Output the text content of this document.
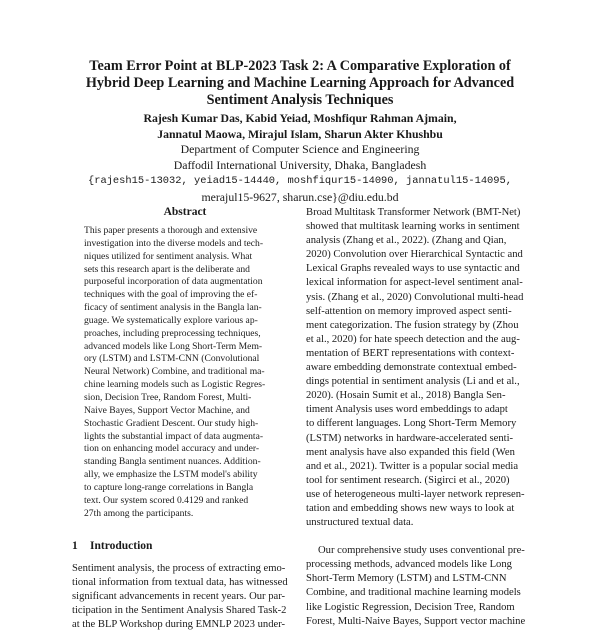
Team Error Point at BLP-2023 Task 2: A Comparative Exploration of
Hybrid Deep Learning and Machine Learning Approach for Advanced
Sentiment Analysis Techniques
Rajesh Kumar Das, Kabid Yeiad, Moshfiqur Rahman Ajmain,
Jannatul Maowa, Mirajul Islam, Sharun Akter Khushbu
Department of Computer Science and Engineering
Daffodil International University, Dhaka, Bangladesh
{rajesh15-13032, yeiad15-14440, moshfiqur15-14090, jannatul15-14095,
merajul15-9627, sharun.cse}@diu.edu.bd
Abstract
This paper presents a thorough and extensive
investigation into the diverse models and tech-
niques utilized for sentiment analysis. What
sets this research apart is the deliberate and
purposeful incorporation of data augmentation
techniques with the goal of improving the ef-
ficacy of sentiment analysis in the Bangla lan-
guage. We systematically explore various ap-
proaches, including preprocessing techniques,
advanced models like Long Short-Term Mem-
ory (LSTM) and LSTM-CNN (Convolutional
Neural Network) Combine, and traditional ma-
chine learning models such as Logistic Regres-
sion, Decision Tree, Random Forest, Multi-
Naive Bayes, Support Vector Machine, and
Stochastic Gradient Descent. Our study high-
lights the substantial impact of data augmenta-
tion on enhancing model accuracy and under-
standing Bangla sentiment nuances. Addition-
ally, we emphasize the LSTM model's ability
to capture long-range correlations in Bangla
text. Our system scored 0.4129 and ranked
27th among the participants.
1 Introduction
Sentiment analysis, the process of extracting emo-
tional information from textual data, has witnessed
significant advancements in recent years. Our par-
ticipation in the Sentiment Analysis Shared Task-2
at the BLP Workshop during EMNLP 2023 under-
Broad Multitask Transformer Network (BMT-Net)
showed that multitask learning works in sentiment
analysis (Zhang et al., 2022). (Zhang and Qian,
2020) Convolution over Hierarchical Syntactic and
Lexical Graphs revealed ways to use syntactic and
lexical information for aspect-level sentiment anal-
ysis. (Zhang et al., 2020) Convolutional multi-head
self-attention on memory improved aspect senti-
ment categorization. The fusion strategy by (Zhou
et al., 2020) for hate speech detection and the aug-
mentation of BERT representations with context-
aware embedding demonstrate contextual embed-
dings potential in sentiment analysis (Li and et al.,
2020). (Hosain Sumit et al., 2018) Bangla Sen-
timent Analysis uses word embeddings to adapt
to different languages. Long Short-Term Memory
(LSTM) networks in hardware-accelerated senti-
ment analysis have also expanded this field (Wen
and et al., 2021). Twitter is a popular social media
tool for sentiment research. (Sigirci et al., 2020)
use of heterogeneous multi-layer network represen-
tation and embedding shows new ways to look at
unstructured textual data.
Our comprehensive study uses conventional pre-
processing methods, advanced models like Long
Short-Term Memory (LSTM) and LSTM-CNN
Combine, and traditional machine learning models
like Logistic Regression, Decision Tree, Random
Forest, Multi-Naive Bayes, Support vector machine
